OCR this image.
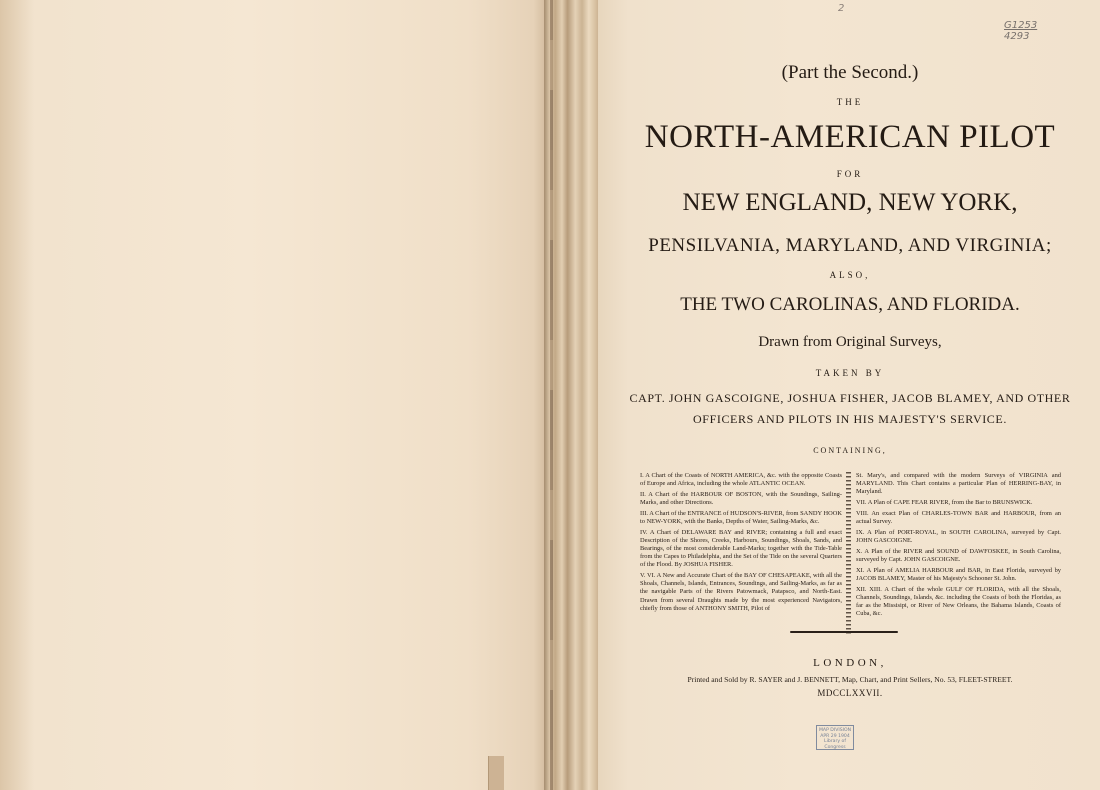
2
G1253
4293
(Part the Second.)
THE
NORTH-AMERICAN PILOT
FOR
NEW ENGLAND, NEW YORK,
PENSILVANIA, MARYLAND, AND VIRGINIA;
ALSO,
THE TWO CAROLINAS, AND FLORIDA.
Drawn from Original Surveys,
TAKEN BY
CAPT. JOHN GASCOIGNE, JOSHUA FISHER, JACOB BLAMEY, AND OTHER
OFFICERS AND PILOTS IN HIS MAJESTY'S SERVICE.
CONTAINING,

I. A Chart of the Coasts of NORTH AMERICA, &c. with the opposite Coasts of Europe and Africa, including the whole ATLANTIC OCEAN.

II. A Chart of the HARBOUR OF BOSTON, with the Soundings, Sailing-Marks, and other Directions.

III. A Chart of the ENTRANCE of HUDSON'S-RIVER, from SANDY HOOK to NEW-YORK, with the Banks, Depths of Water, Sailing-Marks, &c.

IV. A Chart of DELAWARE BAY and RIVER; containing a full and exact Description of the Shores, Creeks, Harbours, Soundings, Shoals, Sands, and Bearings, of the most considerable Land-Marks; together with the Tide-Table from the Capes to Philadelphia, and the Set of the Tide on the several Quarters of the Flood. By JOSHUA FISHER.

V. VI. A New and Accurate Chart of the BAY OF CHESAPEAKE, with all the Shoals, Channels, Islands, Entrances, Soundings, and Sailing-Marks, as far as the navigable Parts of the Rivers Patowmack, Patapsco, and North-East. Drawn from several Draughts made by the most experienced Navigators, chiefly from those of ANTHONY SMITH, Pilot of

St. Mary's, and compared with the modern Surveys of VIRGINIA and MARYLAND. This Chart contains a particular Plan of HERRING-BAY, in Maryland.

VII. A Plan of CAPE FEAR RIVER, from the Bar to BRUNSWICK.

VIII. An exact Plan of CHARLES-TOWN BAR and HARBOUR, from an actual Survey.

IX. A Plan of PORT-ROYAL, in SOUTH CAROLINA, surveyed by Capt. JOHN GASCOIGNE.

X. A Plan of the RIVER and SOUND of DAWFOSKEE, in South Carolina, surveyed by Capt. JOHN GASCOIGNE.

XI. A Plan of AMELIA HARBOUR and BAR, in East Florida, surveyed by JACOB BLAMEY, Master of his Majesty's Schooner St. John.

XII. XIII. A Chart of the whole GULF OF FLORIDA, with all the Shoals, Channels, Soundings, Islands, &c. including the Coasts of both the Floridas, as far as the Missisipi, or River of New Orleans, the Bahama Islands, Coasts of Cuba, &c.

LONDON,
Printed and Sold by R. SAYER and J. BENNETT, Map, Chart, and Print Sellers, No. 53, FLEET-STREET.
MDCCLXXVII.
MAP DIVISION
APR 29 1904
Library of Congress
